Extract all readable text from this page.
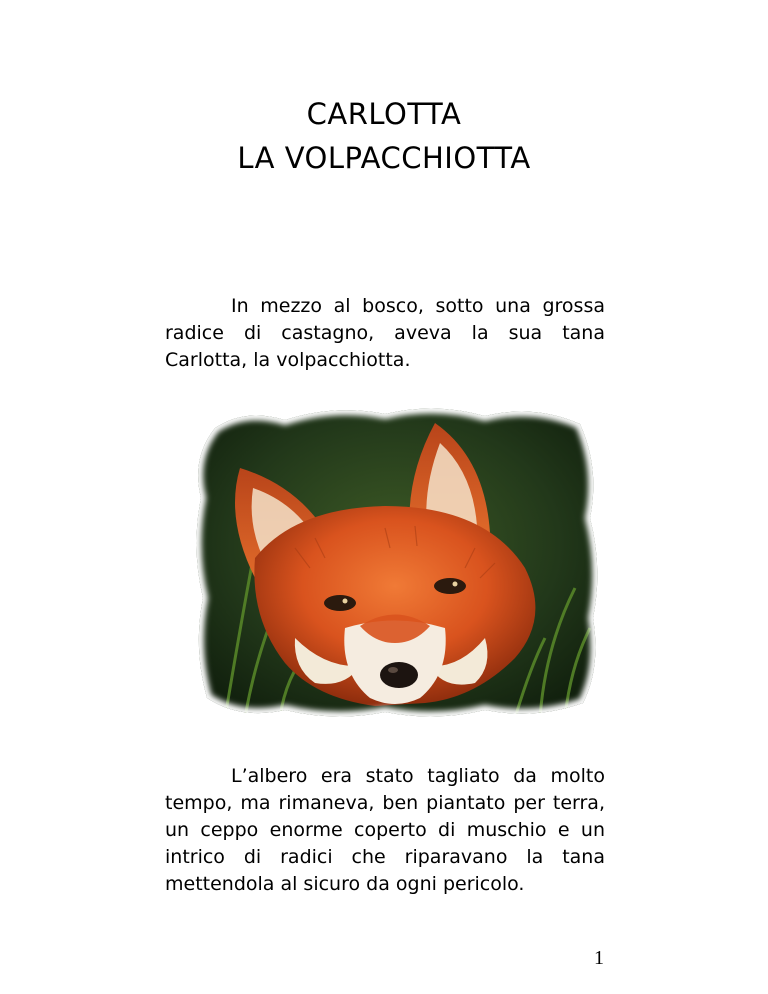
CARLOTTA
LA VOLPACCHIOTTA

In mezzo al bosco, sotto una grossa radice di castagno, aveva la sua tana Carlotta, la volpacchiotta.

L’albero era stato tagliato da molto tempo, ma rimaneva, ben piantato per terra, un ceppo enorme coperto di muschio e un intrico di radici che riparavano la tana mettendola al sicuro da ogni pericolo.

1
